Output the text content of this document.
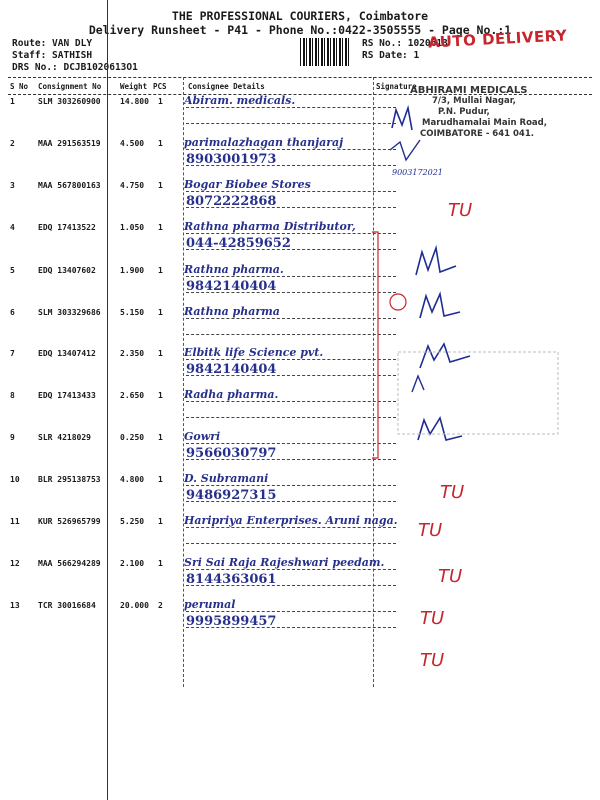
THE PROFESSIONAL COURIERS, Coimbatore
Delivery Runsheet - P41 - Phone No.:0422-3505555 - Page No.:1
Route: VAN DLY
Staff: SATHISH
DRS No.: DCJB1020613O1
RS No.: 1020613
RS Date: 1
AUTO DELIVERY
S No Consignment No	Weight PCS	Consignee Details	Signature
1	SLM 303260900 14.800 1 Abiram. medicals.
2	MAA 291563519 4.500 1 parimalazhagan thanjaraj
8903001973
3	MAA 567800163 4.750 1 Bogar Biobee Stores
8072222868
4	EDQ 17413522	1.050 1 Rathna pharma Distributor,
044-42859652
5	EDQ 13407602	1.900 1 Rathna pharma.
9842140404
6	SLM 303329686 5.150 1 Rathna pharma
7	EDQ 13407412	2.350 1 Elbitk life Science pvt.
9842140404
8	EDQ 17413433	2.650 1 Radha pharma.
9	SLR 4218029	0.250 1 Gowri
9566030797
10 BLR 295138753 4.800 1 D. Subramani
9486927315
11 KUR 526965799 5.250 1 Haripriya Enterprises. Aruni naga.
12 MAA 566294289 2.100 1 Sri Sai Raja Rajeshwari peedam.
8144363061
13 TCR 30016684	20.000 2 perumal
9995899457
ABHIRAMI MEDICALS
7/3, Mullai Nagar,
P.N. Pudur,
Marudhamalai Main Road,
COIMBATORE - 641 041.
9003172021
TU
TU
TU
TU
TU
TU
